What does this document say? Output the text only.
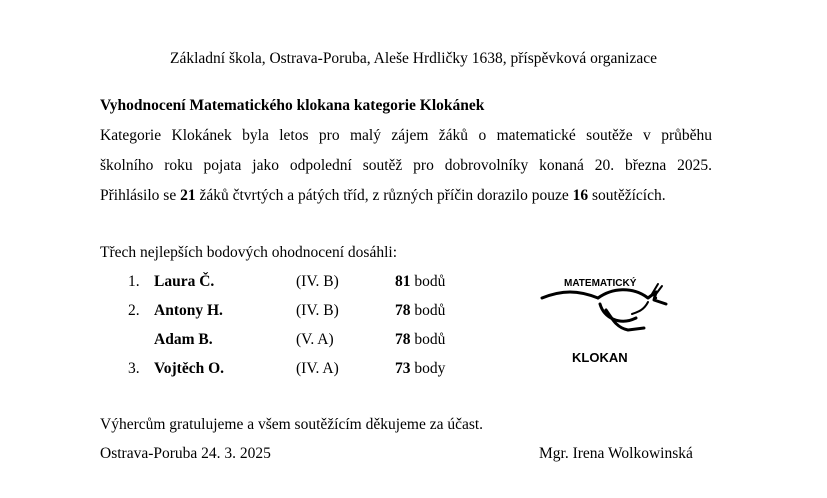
Základní škola, Ostrava-Poruba, Aleše Hrdličky 1638, příspěvková organizace
Vyhodnocení Matematického klokana kategorie Klokánek
Kategorie Klokánek byla letos pro malý zájem žáků o matematické soutěže v průběhu
školního roku pojata jako odpolední soutěž pro dobrovolníky konaná 20. března 2025.
Přihlásilo se 21 žáků čtvrtých a pátých tříd, z různých příčin dorazilo pouze 16 soutěžících.
Třech nejlepších bodových ohodnocení dosáhli:
1. Laura Č.	(IV. B)	81 bodů
2. Antony H.	(IV. B)	78 bodů
Adam B.	(V. A)	78 bodů
3. Vojtěch O.	(IV. A)	73 body
MATEMATICKÝ
KLOKAN
Výhercům gratulujeme a všem soutěžícím děkujeme za účast.
Ostrava-Poruba 24. 3. 2025	Mgr. Irena Wolkowinská
